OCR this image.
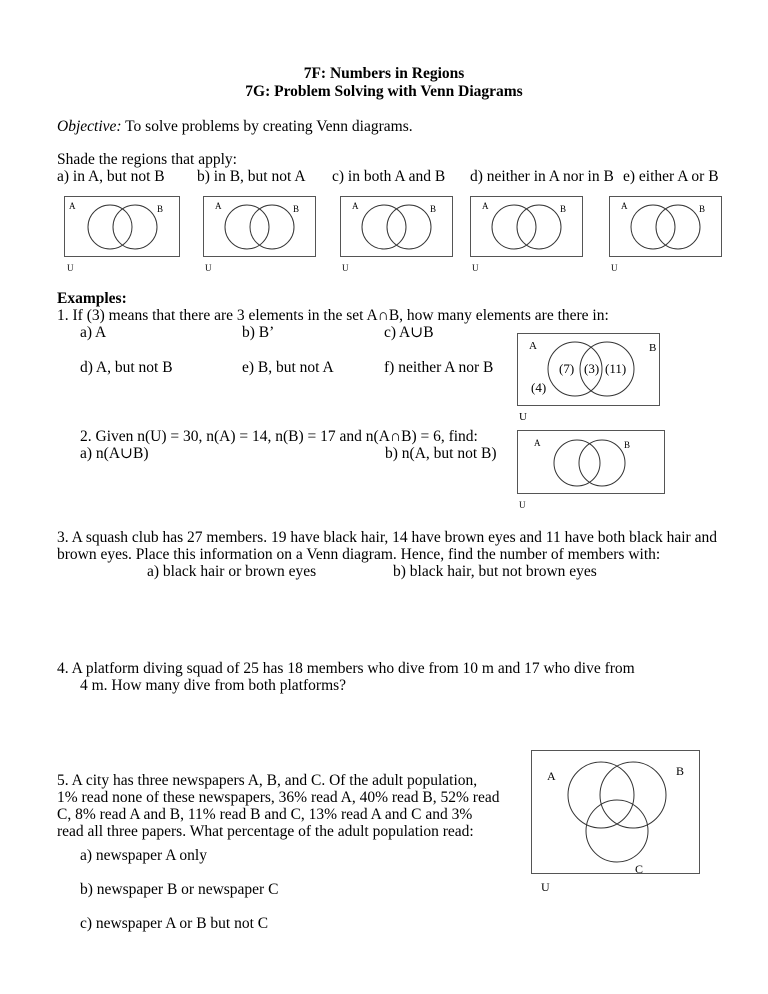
7F: Numbers in Regions

7G: Problem Solving with Venn Diagrams

Objective: To solve problems by creating Venn diagrams.

Shade the regions that apply:

a) in A, but not B b) in B, but not A c) in both A and B d) neither in A nor in B e) either A or B

A	B
U
A	B
U
A	B
U
A	B
U
A	B
U

Examples:

1. If (3) means that there are 3 elements in the set A∩B, how many elements are there in:

a) A	b) B’	c) A∪B

d) A, but not B	e) B, but not A	f) neither A nor B

A	B
(7) (3) (11)
(4)
U

2. Given n(U) = 30, n(A) = 14, n(B) = 17 and n(A∩B) = 6, find:

a) n(A∪B)	b) n(A, but not B)

A	B
U

3. A squash club has 27 members. 19 have black hair, 14 have brown eyes and 11 have both black hair and

brown eyes. Place this information on a Venn diagram. Hence, find the number of members with:

a) black hair or brown eyes	b) black hair, but not brown eyes

4. A platform diving squad of 25 has 18 members who dive from 10 m and 17 who dive from

4 m. How many dive from both platforms?

5. A city has three newspapers A, B, and C. Of the adult population,

1% read none of these newspapers, 36% read A, 40% read B, 52% read

C, 8% read A and B, 11% read B and C, 13% read A and C and 3%

read all three papers. What percentage of the adult population read:

a) newspaper A only

b) newspaper B or newspaper C

c) newspaper A or B but not C

A	B
C
U
